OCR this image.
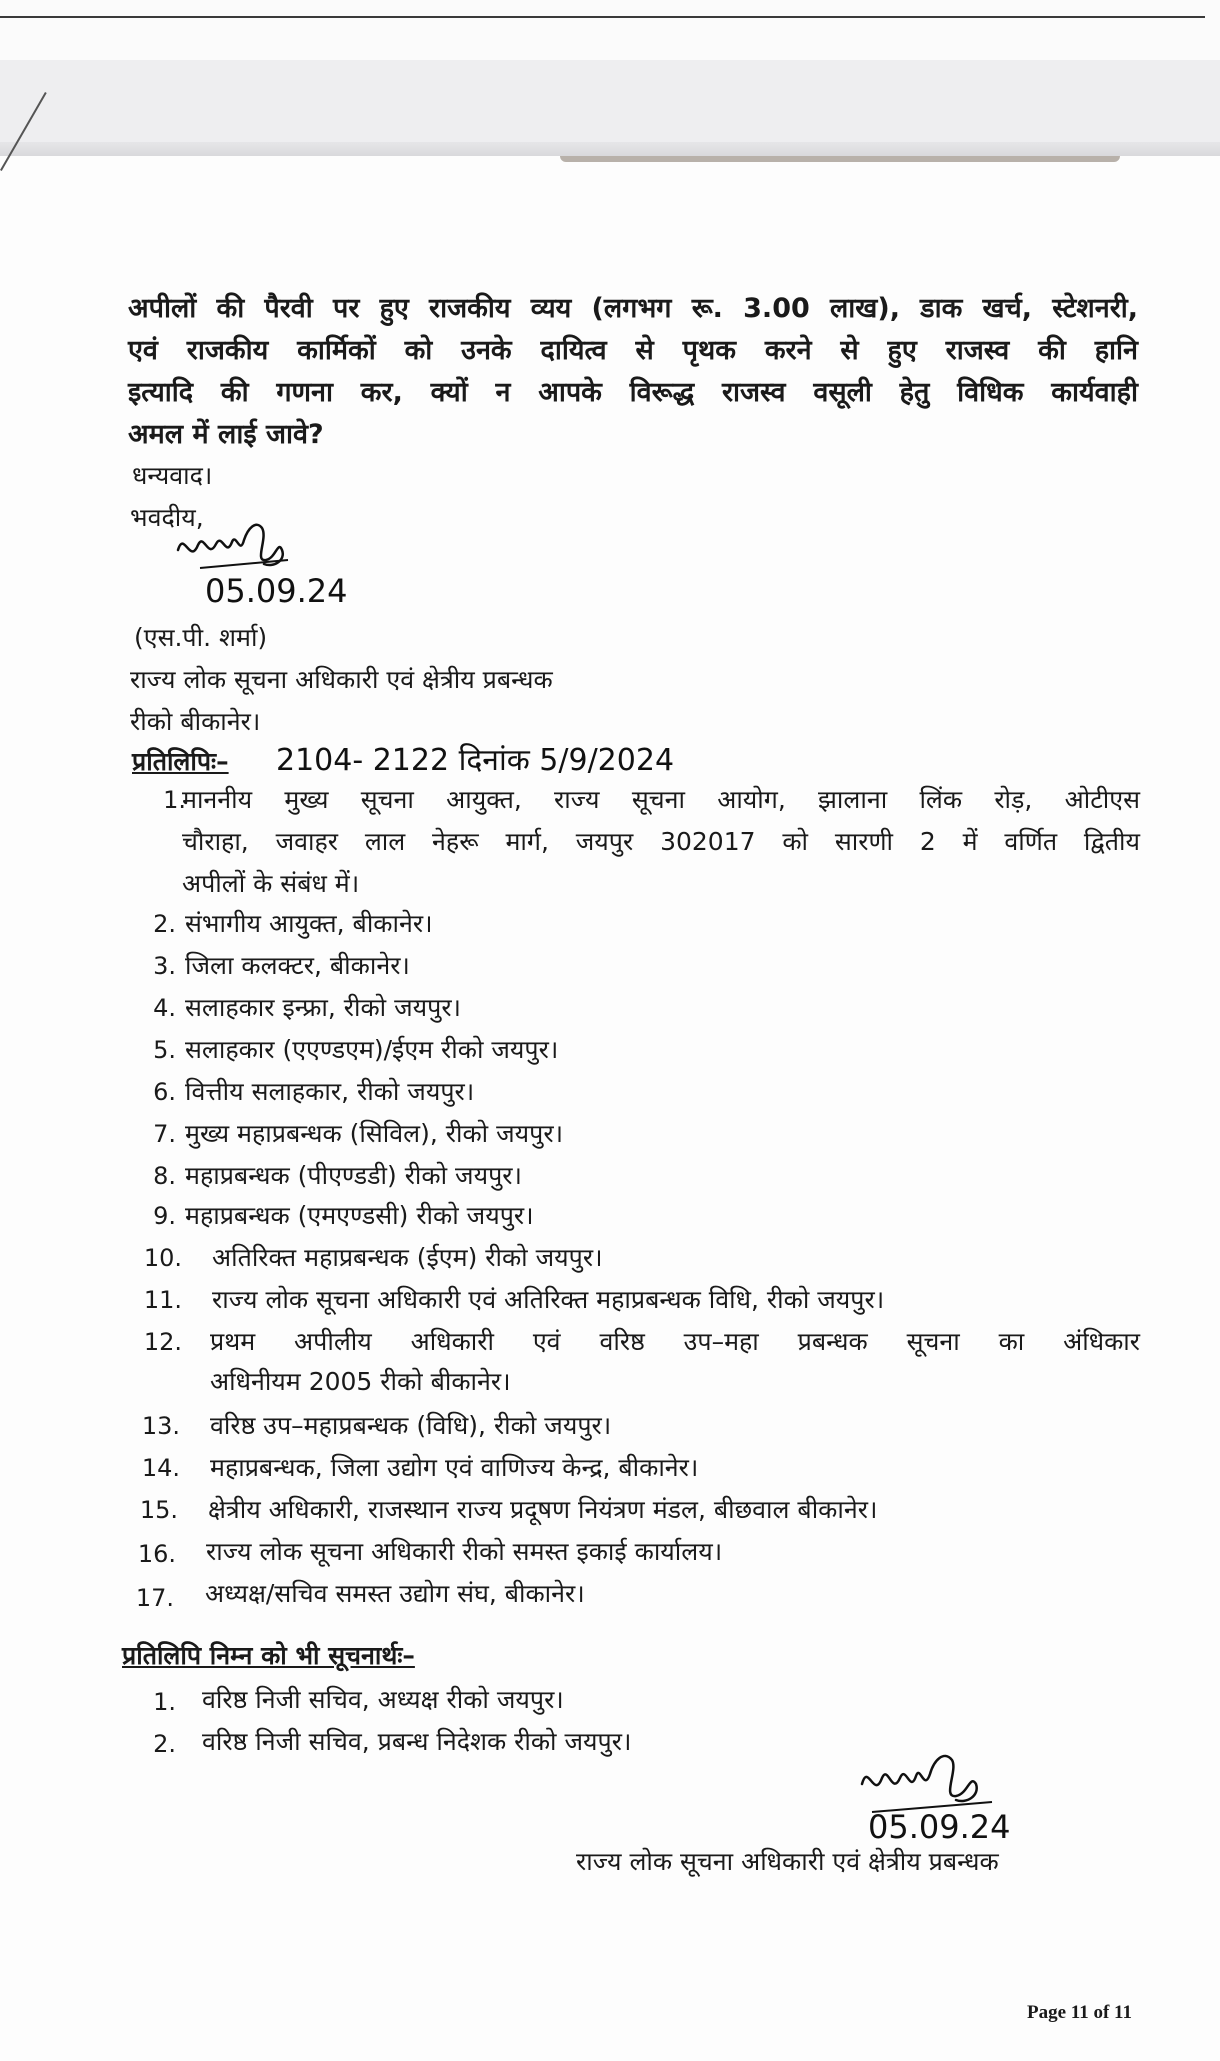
अपीलों की पैरवी पर हुए राजकीय व्यय (लगभग रू. 3.00 लाख), डाक खर्च, स्टेशनरी,
एवं राजकीय कार्मिकों को उनके दायित्व से पृथक करने से हुए राजस्व की हानि
इत्यादि की गणना कर, क्यों न आपके विरूद्ध राजस्व वसूली हेतु विधिक कार्यवाही
अमल में लाई जावे?
धन्यवाद।
भवदीय,
05.09.24
(एस.पी. शर्मा)
राज्य लोक सूचना अधिकारी एवं क्षेत्रीय प्रबन्धक
रीको बीकानेर।
प्रतिलिपिः– 2104- 2122 दिनांक 5/9/2024
1.
माननीय मुख्य सूचना आयुक्त, राज्य सूचना आयोग, झालाना लिंक रोड़, ओटीएस
चौराहा, जवाहर लाल नेहरू मार्ग, जयपुर 302017 को सारणी 2 में वर्णित द्वितीय
अपीलों के संबंध में।
2. संभागीय आयुक्त, बीकानेर।
3. जिला कलक्टर, बीकानेर।
4. सलाहकार इन्फ्रा, रीको जयपुर।
5. सलाहकार (एएण्डएम)/ईएम रीको जयपुर।
6. वित्तीय सलाहकार, रीको जयपुर।
7. मुख्य महाप्रबन्धक (सिविल), रीको जयपुर।
8. महाप्रबन्धक (पीएण्डडी) रीको जयपुर।
9. महाप्रबन्धक (एमएण्डसी) रीको जयपुर।
10. अतिरिक्त महाप्रबन्धक (ईएम) रीको जयपुर।
11. राज्य लोक सूचना अधिकारी एवं अतिरिक्त महाप्रबन्धक विधि, रीको जयपुर।
12. प्रथम अपीलीय अधिकारी एवं वरिष्ठ उप–महा प्रबन्धक सूचना का अंधिकार
अधिनीयम 2005 रीको बीकानेर।
13. वरिष्ठ उप–महाप्रबन्धक (विधि), रीको जयपुर।
14. महाप्रबन्धक, जिला उद्योग एवं वाणिज्य केन्द्र, बीकानेर।
15. क्षेत्रीय अधिकारी, राजस्थान राज्य प्रदूषण नियंत्रण मंडल, बीछवाल बीकानेर।
16. राज्य लोक सूचना अधिकारी रीको समस्त इकाई कार्यालय।
17. अध्यक्ष/सचिव समस्त उद्योग संघ, बीकानेर।
प्रतिलिपि निम्न को भी सूचनार्थः–
1. वरिष्ठ निजी सचिव, अध्यक्ष रीको जयपुर।
2. वरिष्ठ निजी सचिव, प्रबन्ध निदेशक रीको जयपुर।
05.09.24
राज्य लोक सूचना अधिकारी एवं क्षेत्रीय प्रबन्धक
Page 11 of 11
